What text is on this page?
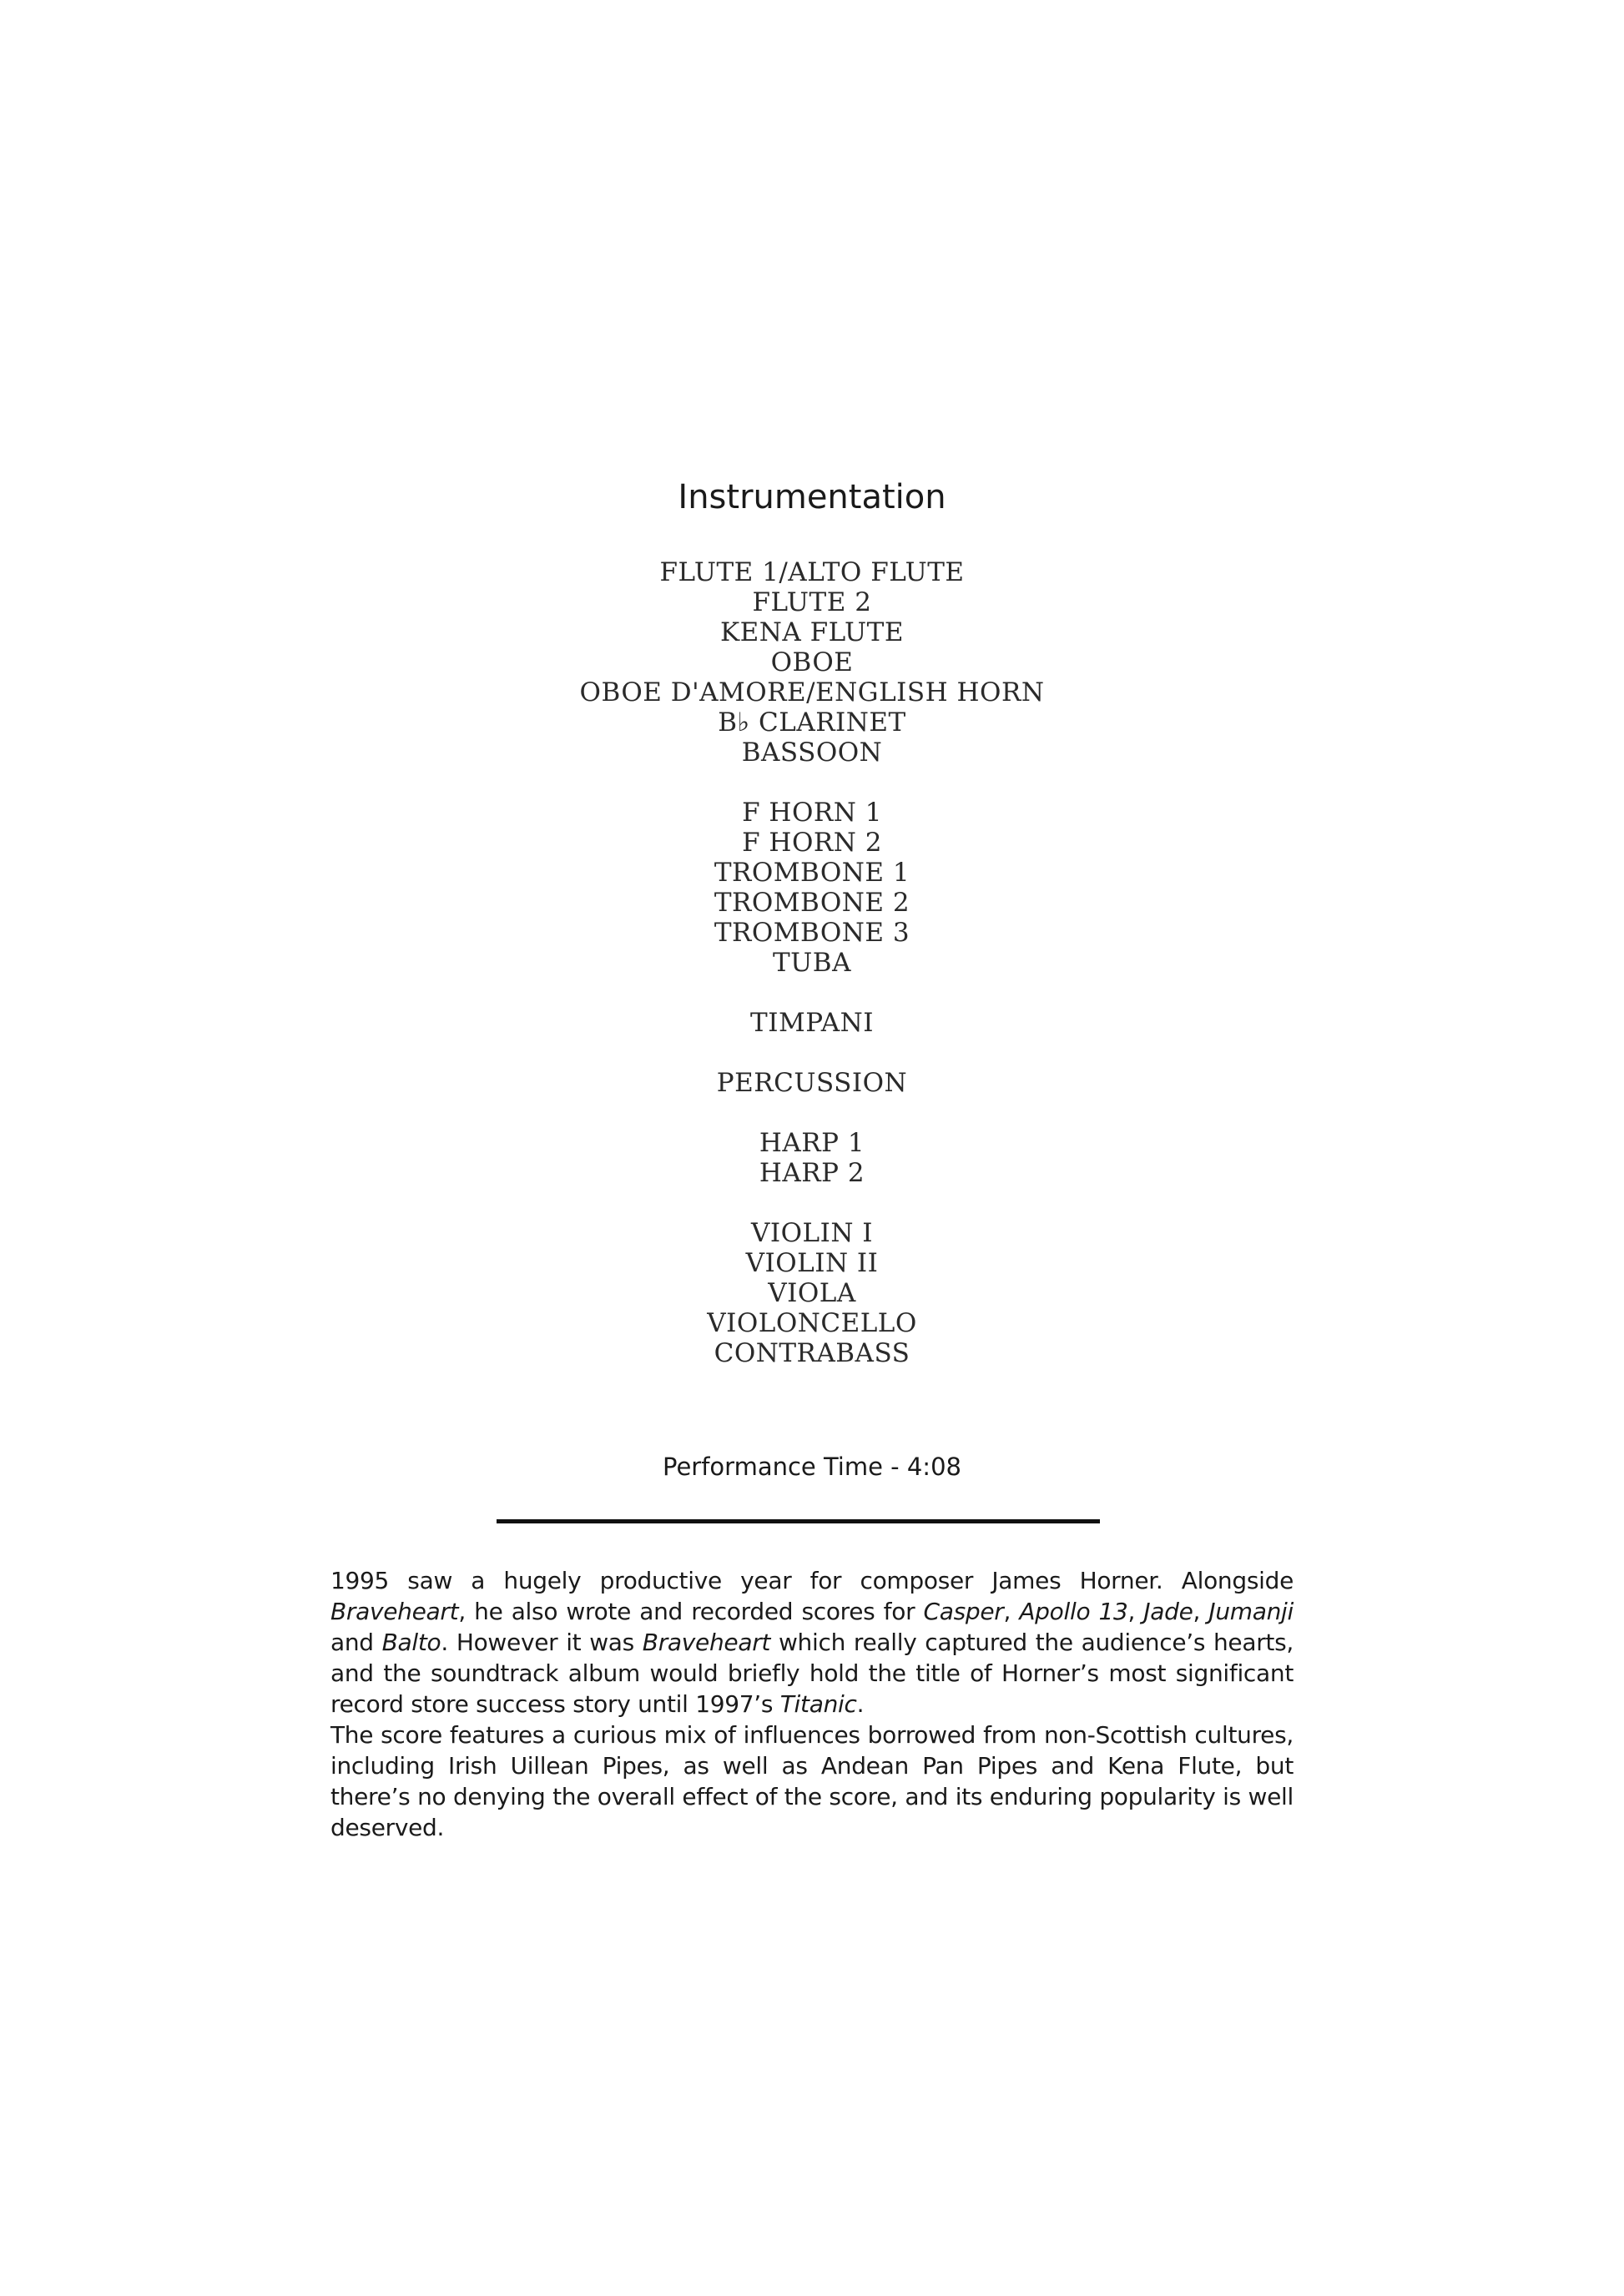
Instrumentation
FLUTE 1/ALTO FLUTE
FLUTE 2
KENA FLUTE
OBOE
OBOE D'AMORE/ENGLISH HORN
B♭ CLARINET
BASSOON
F HORN 1
F HORN 2
TROMBONE 1
TROMBONE 2
TROMBONE 3
TUBA
TIMPANI
PERCUSSION
HARP 1
HARP 2
VIOLIN I
VIOLIN II
VIOLA
VIOLONCELLO
CONTRABASS
Performance Time - 4:08

1995 saw a hugely productive year for composer James Horner. Alongside Braveheart, he also wrote and recorded scores for Casper, Apollo 13, Jade, Jumanji and Balto. However it was Braveheart which really captured the audience’s hearts, and the soundtrack album would briefly hold the title of Horner’s most significant record store success story until 1997’s Titanic.

The score features a curious mix of influences borrowed from non-Scottish cultures, including Irish Uillean Pipes, as well as Andean Pan Pipes and Kena Flute, but there’s no denying the overall effect of the score, and its enduring popularity is well deserved.
